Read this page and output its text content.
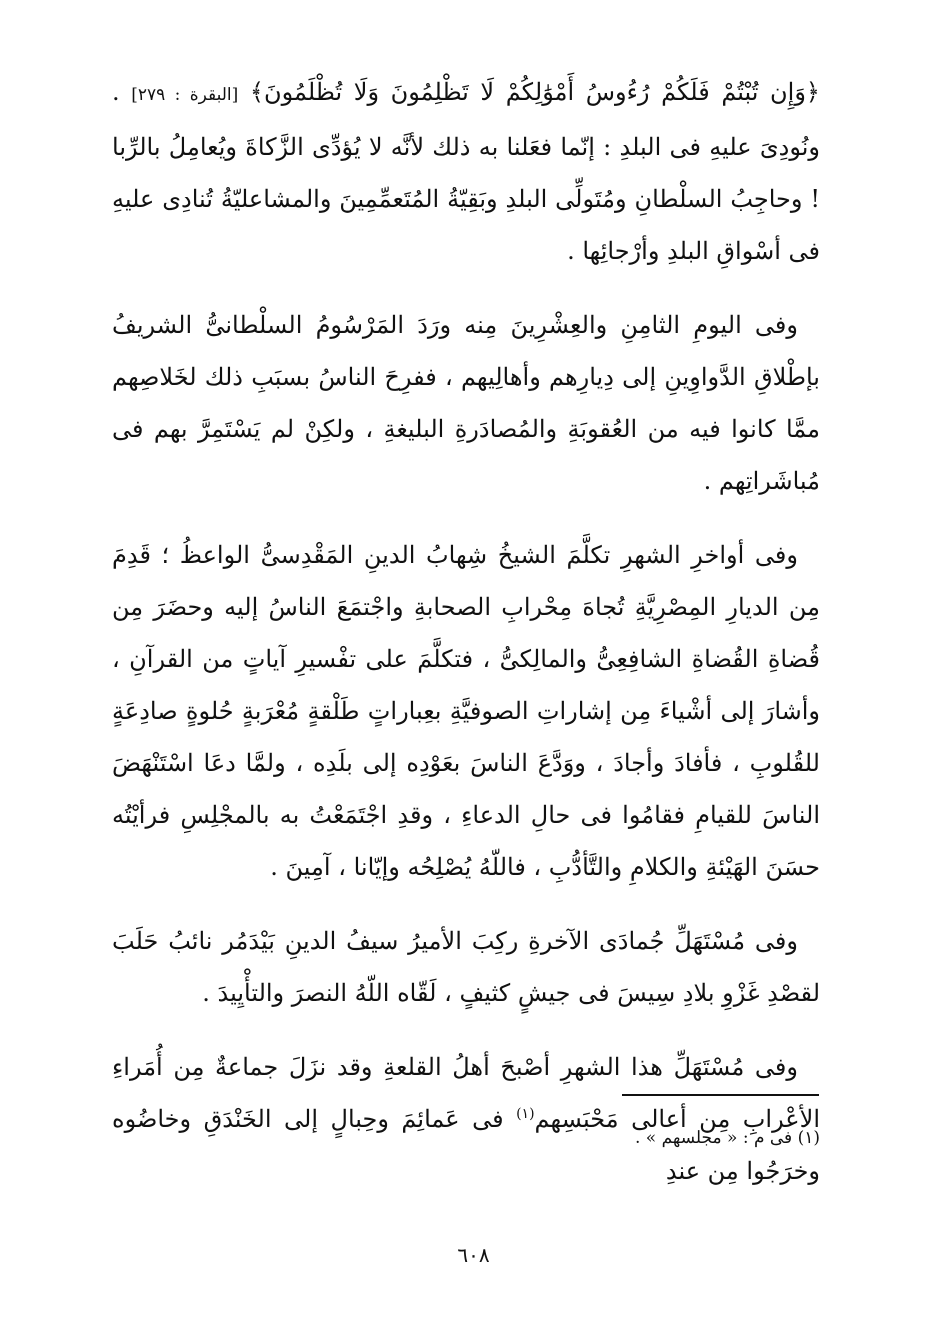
﴿وَإِن تُبْتُمْ فَلَكُمْ رُءُوسُ أَمْوَٰلِكُمْ لَا تَظْلِمُونَ وَلَا تُظْلَمُونَ﴾ [البقرة : ٢٧٩] . ونُودِىَ عليهِ فى البلدِ : إنّما فعَلنا به ذلك لأنَّه لا يُؤدِّى الزَّكاةَ ويُعامِلُ بالرِّبا ! وحاجِبُ السلْطانِ ومُتَولِّى البلدِ وبَقِيّةُ المُتَعمِّمِينَ والمشاعليّةُ تُنادِى عليهِ فى أسْواقِ البلدِ وأرْجائِها .

وفى اليومِ الثامِنِ والعِشْرِينَ مِنه ورَدَ المَرْسُومُ السلْطانىُّ الشريفُ بإطْلاقِ الدَّواوِينِ إلى دِيارِهم وأهالِيهم ، ففرِحَ الناسُ بسبَبِ ذلك لخَلاصِهم ممَّا كانوا فيه من العُقوبَةِ والمُصادَرةِ البليغةِ ، ولكِنْ لم يَسْتَمِرَّ بهم فى مُباشَراتِهم .

وفى أواخرِ الشهرِ تكلَّمَ الشيخُ شِهابُ الدينِ المَقْدِسىُّ الواعظُ ؛ قَدِمَ مِن الديارِ المِصْرِيَّةِ تُجاهَ مِحْرابِ الصحابةِ واجْتمَعَ الناسُ إليه وحضَرَ مِن قُضاةِ القُضاةِ الشافِعِىُّ والمالِكىُّ ، فتكلَّمَ على تفْسيرِ آياتٍ من القرآنِ ، وأشارَ إلى أشْياءَ مِن إشاراتِ الصوفيَّةِ بعِباراتٍ طَلْقةٍ مُعْرَبةٍ حُلوةٍ صادِعَةٍ للقُلوبِ ، فأفادَ وأجادَ ، ووَدَّعَ الناسَ بعَوْدِه إلى بلَدِه ، ولمَّا دعَا اسْتَنْهَضَ الناسَ للقيامِ فقامُوا فى حالِ الدعاءِ ، وقدِ اجْتَمَعْتُ به بالمجْلِسِ فرأيْتُه حسَنَ الهَيْئةِ والكلامِ والتَّأدُّبِ ، فاللّهُ يُصْلِحُه وإيّانا ، آمِينَ .

وفى مُسْتَهَلِّ جُمادَى الآخرةِ ركِبَ الأميرُ سيفُ الدينِ بَيْدَمُر نائبُ حَلَبَ لقصْدِ غَزْوِ بلادِ سِيسَ فى جيشٍ كثيفٍ ، لَقّاه اللّهُ النصرَ والتأْيِيدَ .

وفى مُسْتَهَلِّ هذا الشهرِ أصْبحَ أهلُ القلعةِ وقد نزَلَ جماعةٌ مِن أُمَراءِ الأعْرابِ مِن أعالى مَحْبَسِهم$^{(١)}$ فى عَمائِمَ وحِبالٍ إلى الخَنْدَقِ وخاضُوه وخرَجُوا مِن عندِ

(١) فى م : « مجلسهم » .
٦٠٨
